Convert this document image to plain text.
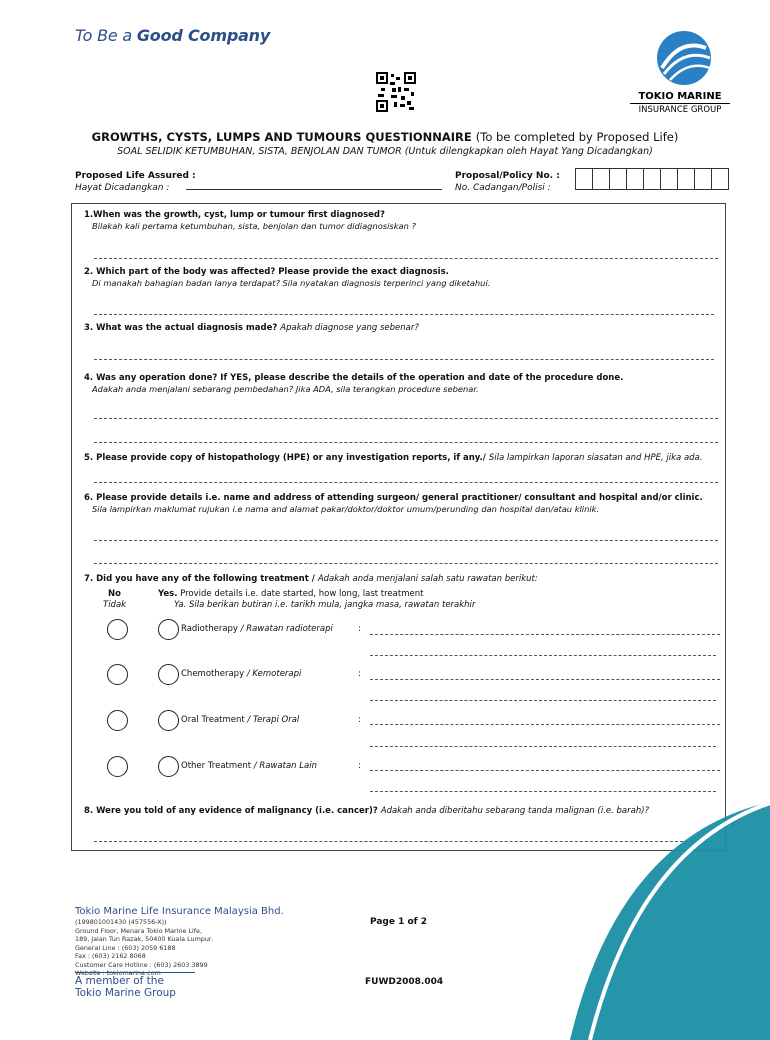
To Be a Good Company
TOKIO MARINE
INSURANCE GROUP
GROWTHS, CYSTS, LUMPS AND TUMOURS QUESTIONNAIRE (To be completed by Proposed Life)
SOAL SELIDIK KETUMBUHAN, SISTA, BENJOLAN DAN TUMOR (Untuk dilengkapkan oleh Hayat Yang Dicadangkan)
Proposed Life Assured :
Hayat Dicadangkan :
Proposal/Policy No. :
No. Cadangan/Polisi :
1.When was the growth, cyst, lump or tumour first diagnosed?
Bilakah kali pertama ketumbuhan, sista, benjolan dan tumor didiagnosiskan ?
2. Which part of the body was affected? Please provide the exact diagnosis.
Di manakah bahagian badan lanya terdapat? Sila nyatakan diagnosis terperinci yang diketahui.
3. What was the actual diagnosis made? Apakah diagnose yang sebenar?
4. Was any operation done? If YES, please describe the details of the operation and date of the procedure done.
Adakah anda menjalani sebarang pembedahan? Jika ADA, sila terangkan procedure sebenar.
5. Please provide copy of histopathology (HPE) or any investigation reports, if any./ Sila lampirkan laporan siasatan and HPE, jika ada.
6. Please provide details i.e. name and address of attending surgeon/ general practitioner/ consultant and hospital and/or clinic.
Sila lampirkan maklumat rujukan i.e nama and alamat pakar/doktor/doktor umum/perunding dan hospital dan/atau klinik.
7. Did you have any of the following treatment / Adakah anda menjalani salah satu rawatan berikut:
No
Tidak
Yes. Provide details i.e. date started, how long, last treatment
Ya. Sila berikan butiran i.e. tarikh mula, jangka masa, rawatan terakhir
Radiotherapy / Rawatan radioterapi	:
Chemotherapy / Kemoterapi	:
Oral Treatment / Terapi Oral	:
Other Treatment / Rawatan Lain	:
8. Were you told of any evidence of malignancy (i.e. cancer)? Adakah anda diberitahu sebarang tanda malignan (i.e. barah)?
Tokio Marine Life Insurance Malaysia Bhd.
(199801001430 (457556-X))
Ground Floor, Menara Tokio Marine Life,
189, Jalan Tun Razak, 50400 Kuala Lumpur.
General Line : (603) 2059 6188
Fax : (603) 2162 8068
Customer Care Hotline : (603) 2603 3899
Website : tokiomarine.com
A member of the
Tokio Marine Group
Page 1 of 2
FUWD2008.004
